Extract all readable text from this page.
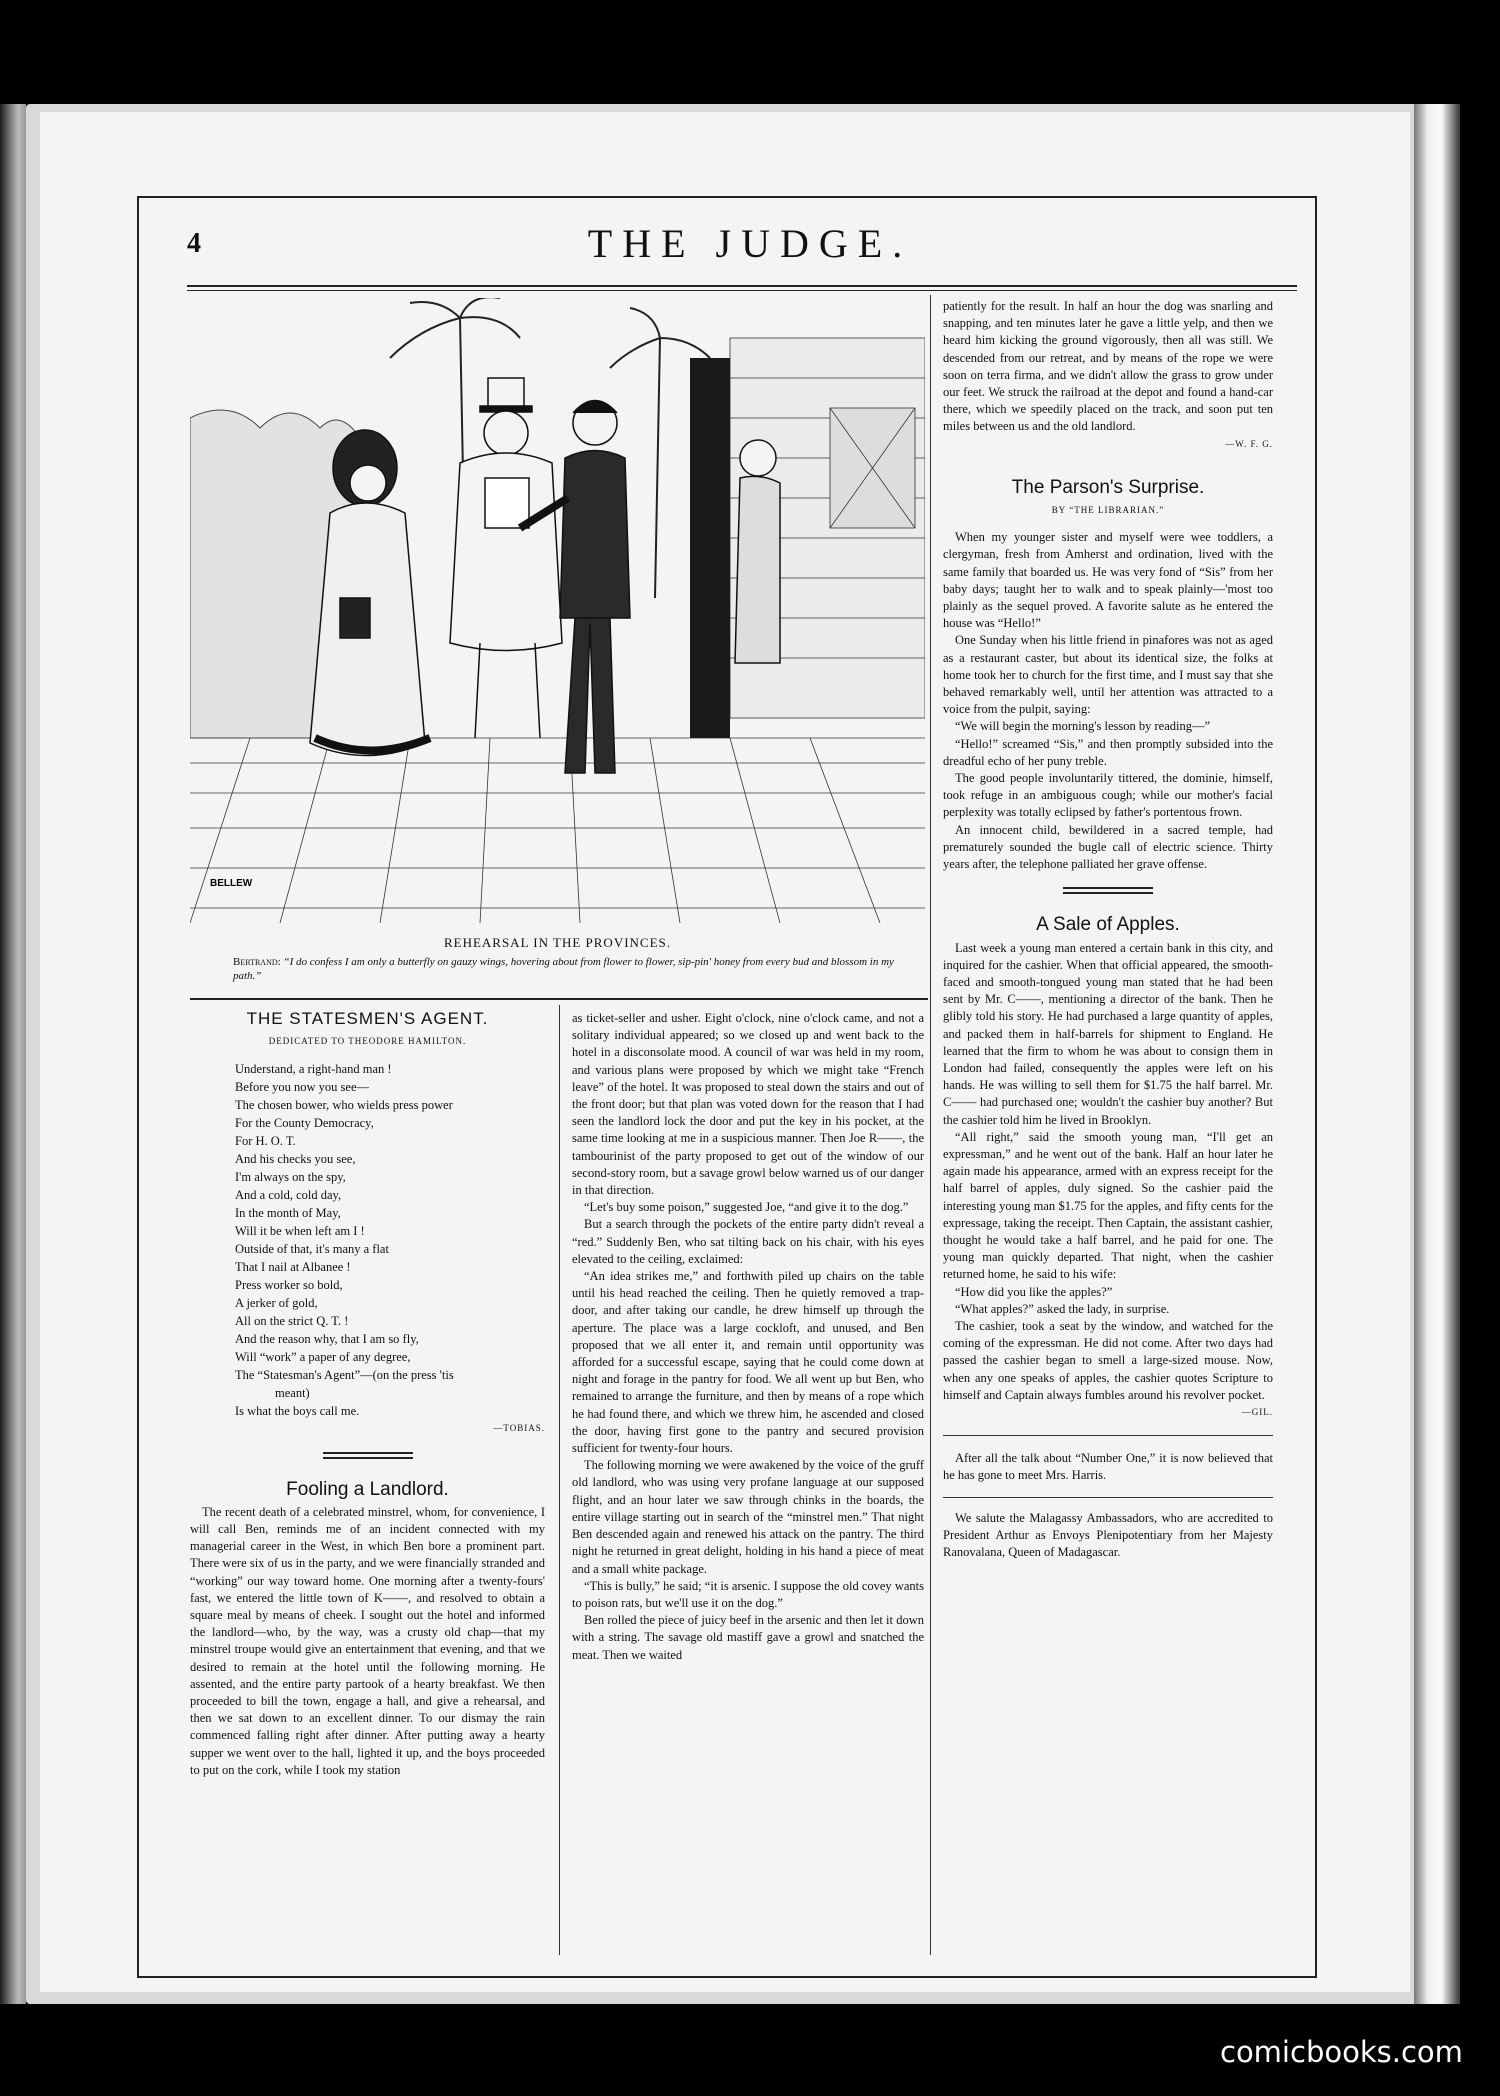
4	THE JUDGE.
BELLEW
REHEARSAL IN THE PROVINCES.
Bertrand: “I do confess I am only a butterfly on gauzy wings, hovering about from flower to flower, sip-pin' honey from every bud and blossom in my path.”
THE STATESMEN'S AGENT.
DEDICATED TO THEODORE HAMILTON.
Understand, a right-hand man !
Before you now you see—
The chosen bower, who wields press power
For the County Democracy,
For H. O. T.
And his checks you see,
I'm always on the spy,
And a cold, cold day,
In the month of May,
Will it be when left am I !
Outside of that, it's many a flat
That I nail at Albanee !
Press worker so bold,
A jerker of gold,
All on the strict Q. T. !
And the reason why, that I am so fly,
Will “work” a paper of any degree,
The “Statesman's Agent”—(on the press 'tis
meant)
Is what the boys call me.
—TOBIAS.
Fooling a Landlord.

The recent death of a celebrated minstrel, whom, for convenience, I will call Ben, reminds me of an incident connected with my managerial career in the West, in which Ben bore a prominent part. There were six of us in the party, and we were financially stranded and “working” our way toward home. One morning after a twenty-fours' fast, we entered the little town of K——, and resolved to obtain a square meal by means of cheek. I sought out the hotel and informed the landlord—who, by the way, was a crusty old chap—that my minstrel troupe would give an entertainment that evening, and that we desired to remain at the hotel until the following morning. He assented, and the entire party partook of a hearty breakfast. We then proceeded to bill the town, engage a hall, and give a rehearsal, and then we sat down to an excellent dinner. To our dismay the rain commenced falling right after dinner. After putting away a hearty supper we went over to the hall, lighted it up, and the boys proceeded to put on the cork, while I took my station

as ticket-seller and usher. Eight o'clock, nine o'clock came, and not a solitary individual appeared; so we closed up and went back to the hotel in a disconsolate mood. A council of war was held in my room, and various plans were proposed by which we might take “French leave” of the hotel. It was proposed to steal down the stairs and out of the front door; but that plan was voted down for the reason that I had seen the landlord lock the door and put the key in his pocket, at the same time looking at me in a suspicious manner. Then Joe R——, the tambourinist of the party proposed to get out of the window of our second-story room, but a savage growl below warned us of our danger in that direction.

“Let's buy some poison,” suggested Joe, “and give it to the dog.”

But a search through the pockets of the entire party didn't reveal a “red.” Suddenly Ben, who sat tilting back on his chair, with his eyes elevated to the ceiling, exclaimed:

“An idea strikes me,” and forthwith piled up chairs on the table until his head reached the ceiling. Then he quietly removed a trap-door, and after taking our candle, he drew himself up through the aperture. The place was a large cockloft, and unused, and Ben proposed that we all enter it, and remain until opportunity was afforded for a successful escape, saying that he could come down at night and forage in the pantry for food. We all went up but Ben, who remained to arrange the furniture, and then by means of a rope which he had found there, and which we threw him, he ascended and closed the door, having first gone to the pantry and secured provision sufficient for twenty-four hours.

The following morning we were awakened by the voice of the gruff old landlord, who was using very profane language at our supposed flight, and an hour later we saw through chinks in the boards, the entire village starting out in search of the “minstrel men.” That night Ben descended again and renewed his attack on the pantry. The third night he returned in great delight, holding in his hand a piece of meat and a small white package.

“This is bully,” he said; “it is arsenic. I suppose the old covey wants to poison rats, but we'll use it on the dog.”

Ben rolled the piece of juicy beef in the arsenic and then let it down with a string. The savage old mastiff gave a growl and snatched the meat. Then we waited

patiently for the result. In half an hour the dog was snarling and snapping, and ten minutes later he gave a little yelp, and then we heard him kicking the ground vigorously, then all was still. We descended from our retreat, and by means of the rope we were soon on terra firma, and we didn't allow the grass to grow under our feet. We struck the railroad at the depot and found a hand-car there, which we speedily placed on the track, and soon put ten miles between us and the old landlord.

—W. F. G.
The Parson's Surprise.
BY “THE LIBRARIAN.”

When my younger sister and myself were wee toddlers, a clergyman, fresh from Amherst and ordination, lived with the same family that boarded us. He was very fond of “Sis” from her baby days; taught her to walk and to speak plainly—'most too plainly as the sequel proved. A favorite salute as he entered the house was “Hello!”

One Sunday when his little friend in pinafores was not as aged as a restaurant caster, but about its identical size, the folks at home took her to church for the first time, and I must say that she behaved remarkably well, until her attention was attracted to a voice from the pulpit, saying:

“We will begin the morning's lesson by reading—”

“Hello!” screamed “Sis,” and then promptly subsided into the dreadful echo of her puny treble.

The good people involuntarily tittered, the dominie, himself, took refuge in an ambiguous cough; while our mother's facial perplexity was totally eclipsed by father's portentous frown.

An innocent child, bewildered in a sacred temple, had prematurely sounded the bugle call of electric science. Thirty years after, the telephone palliated her grave offense.

A Sale of Apples.

Last week a young man entered a certain bank in this city, and inquired for the cashier. When that official appeared, the smooth-faced and smooth-tongued young man stated that he had been sent by Mr. C——, mentioning a director of the bank. Then he glibly told his story. He had purchased a large quantity of apples, and packed them in half-barrels for shipment to England. He learned that the firm to whom he was about to consign them in London had failed, consequently the apples were left on his hands. He was willing to sell them for $1.75 the half barrel. Mr. C—— had purchased one; wouldn't the cashier buy another? But the cashier told him he lived in Brooklyn.

“All right,” said the smooth young man, “I'll get an expressman,” and he went out of the bank. Half an hour later he again made his appearance, armed with an express receipt for the half barrel of apples, duly signed. So the cashier paid the interesting young man $1.75 for the apples, and fifty cents for the expressage, taking the receipt. Then Captain, the assistant cashier, thought he would take a half barrel, and he paid for one. The young man quickly departed. That night, when the cashier returned home, he said to his wife:

“How did you like the apples?”

“What apples?” asked the lady, in surprise.

The cashier, took a seat by the window, and watched for the coming of the expressman. He did not come. After two days had passed the cashier began to smell a large-sized mouse. Now, when any one speaks of apples, the cashier quotes Scripture to himself and Captain always fumbles around his revolver pocket.

—GIL.

After all the talk about “Number One,” it is now believed that he has gone to meet Mrs. Harris.

We salute the Malagassy Ambassadors, who are accredited to President Arthur as Envoys Plenipotentiary from her Majesty Ranovalana, Queen of Madagascar.

comicbooks.com
